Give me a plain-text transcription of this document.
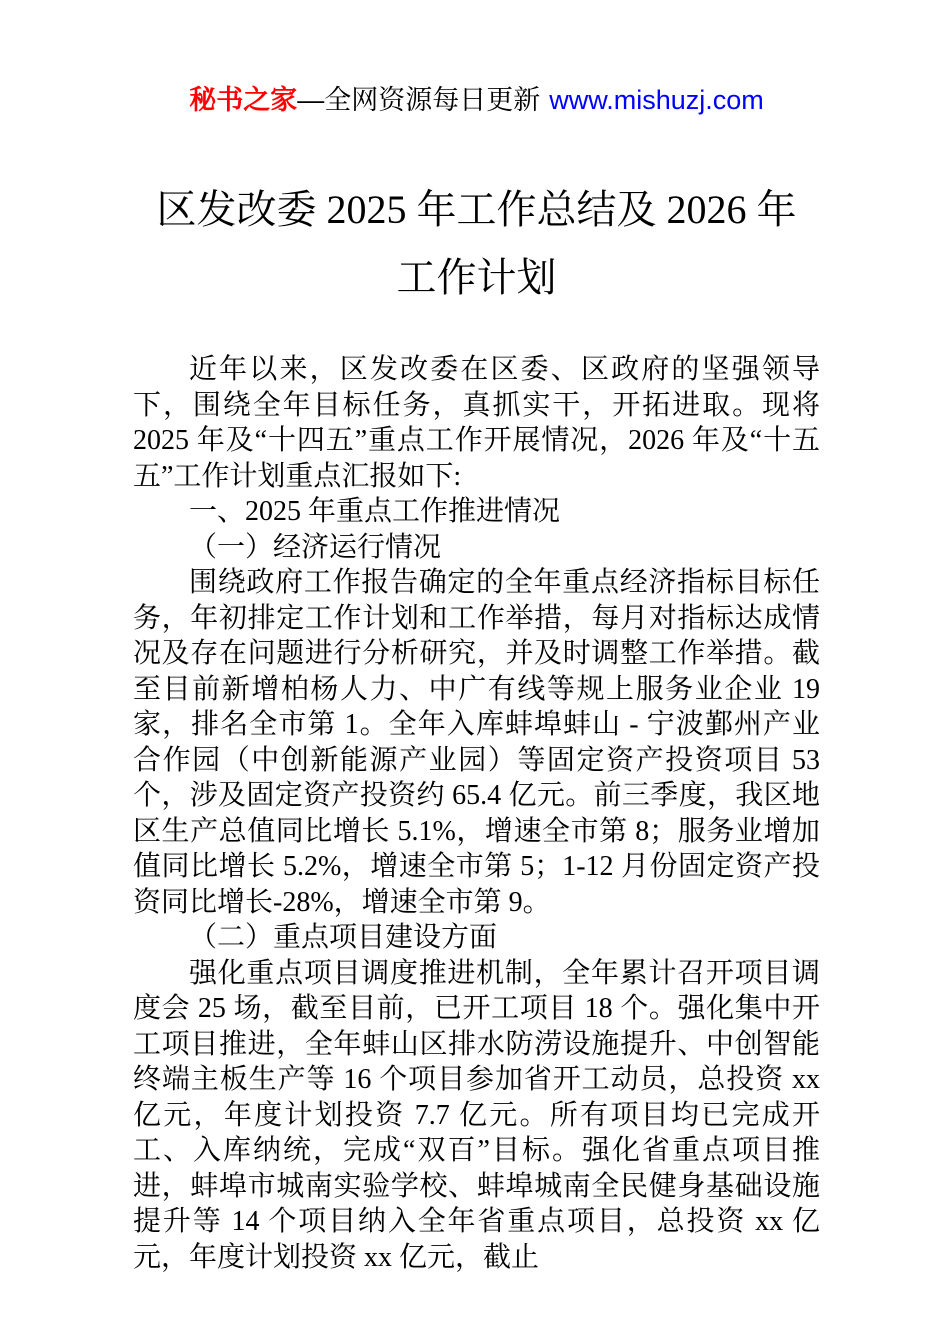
秘书之家—全网资源每日更新 www.mishuzj.com
区发改委 2025 年工作总结及 2026 年
工作计划

近年以来，区发改委在区委、区政府的坚强领导下，围绕全年目标任务，真抓实干，开拓进取。现将 2025 年及“十四五”重点工作开展情况，2026 年及“十五五”工作计划重点汇报如下:

一、2025 年重点工作推进情况

（一）经济运行情况

围绕政府工作报告确定的全年重点经济指标目标任务，年初排定工作计划和工作举措，每月对指标达成情况及存在问题进行分析研究，并及时调整工作举措。截至目前新增柏杨人力、中广有线等规上服务业企业 19 家，排名全市第 1。全年入库蚌埠蚌山 - 宁波鄞州产业合作园（中创新能源产业园）等固定资产投资项目 53 个，涉及固定资产投资约 65.4 亿元。前三季度，我区地区生产总值同比增长 5.1%，增速全市第 8；服务业增加值同比增长 5.2%，增速全市第 5；1-12 月份固定资产投资同比增长-28%，增速全市第 9。

（二）重点项目建设方面

强化重点项目调度推进机制，全年累计召开项目调度会 25 场，截至目前，已开工项目 18 个。强化集中开工项目推进，全年蚌山区排水防涝设施提升、中创智能终端主板生产等 16 个项目参加省开工动员，总投资 xx 亿元，年度计划投资 7.7 亿元。所有项目均已完成开工、入库纳统，完成“双百”目标。强化省重点项目推进，蚌埠市城南实验学校、蚌埠城南全民健身基础设施提升等 14 个项目纳入全年省重点项目，总投资 xx 亿元，年度计划投资 xx 亿元，截止
